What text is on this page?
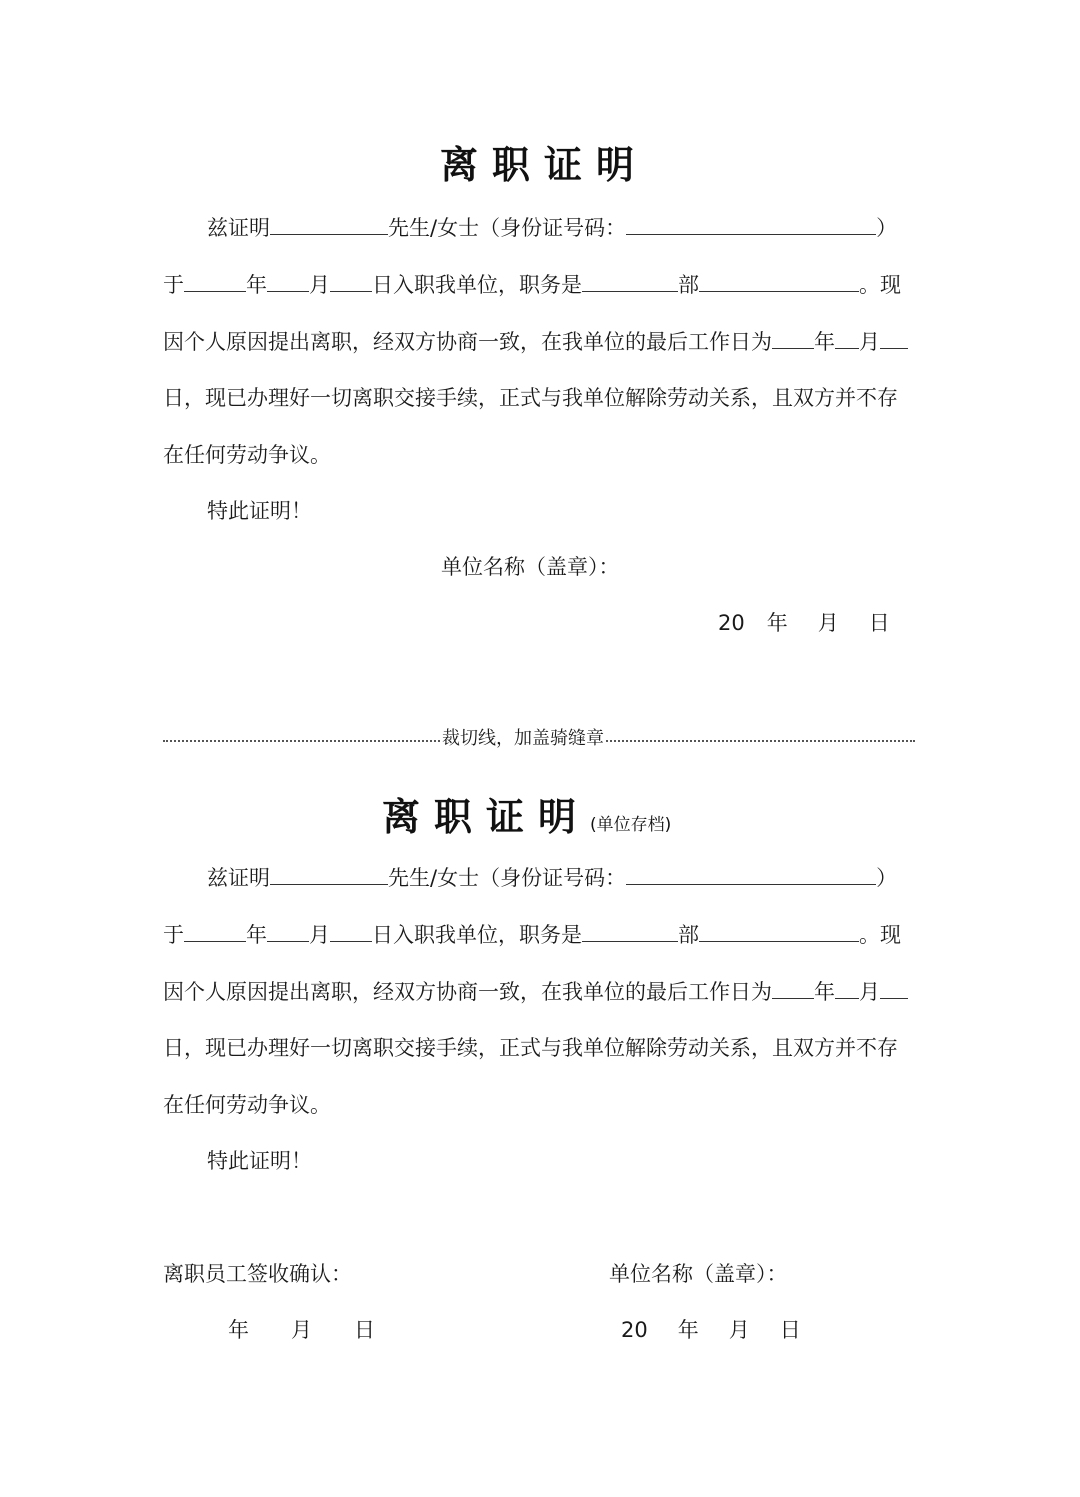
离职证明
兹证明	先生/女士（身份证号码：	）
于	年 月 日入职我单位，职务是	部	。现
因个人原因提出离职，经双方协商一致，在我单位的最后工作日为 年 月
日，现已办理好一切离职交接手续，正式与我单位解除劳动关系，且双方并不存
在任何劳动争议。
特此证明！
单位名称（盖章）：
20 年 月 日
裁切线，加盖骑缝章
离职证明(单位存档)
兹证明	先生/女士（身份证号码：	）
于	年 月 日入职我单位，职务是	部	。现
因个人原因提出离职，经双方协商一致，在我单位的最后工作日为 年 月
日，现已办理好一切离职交接手续，正式与我单位解除劳动关系，且双方并不存
在任何劳动争议。
特此证明！
离职员工签收确认：	单位名称（盖章）：
年 月 日	20 年 月 日
